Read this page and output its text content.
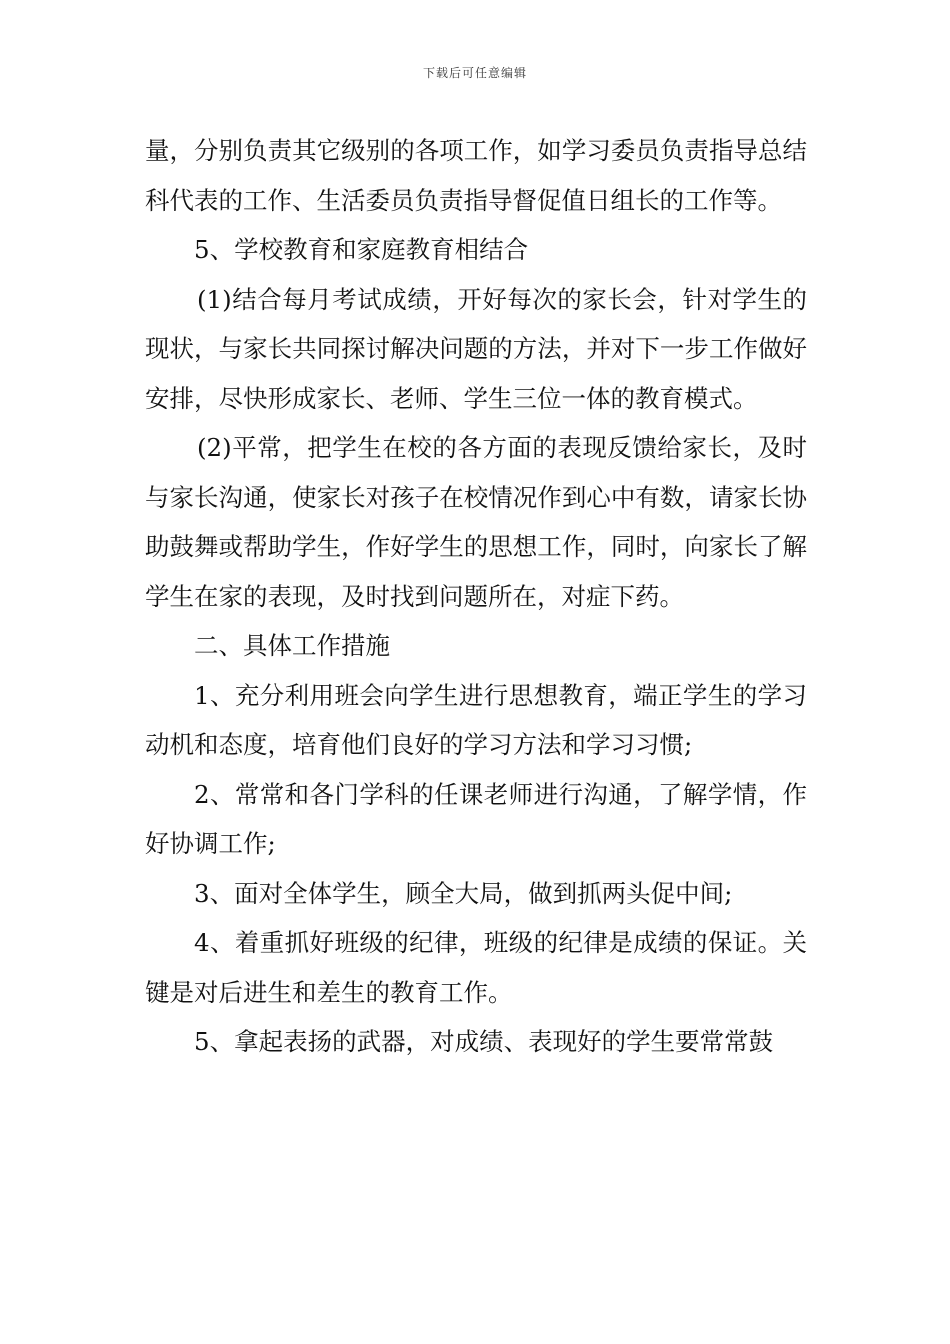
下载后可任意编辑

量，分别负责其它级别的各项工作，如学习委员负责指导总结科代表的工作、生活委员负责指导督促值日组长的工作等。

5、学校教育和家庭教育相结合

(1)结合每月考试成绩，开好每次的家长会，针对学生的现状，与家长共同探讨解决问题的方法，并对下一步工作做好安排，尽快形成家长、老师、学生三位一体的教育模式。

(2)平常，把学生在校的各方面的表现反馈给家长，及时与家长沟通，使家长对孩子在校情况作到心中有数，请家长协助鼓舞或帮助学生，作好学生的思想工作，同时，向家长了解学生在家的表现，及时找到问题所在，对症下药。

二、具体工作措施

1、充分利用班会向学生进行思想教育，端正学生的学习动机和态度，培育他们良好的学习方法和学习习惯;

2、常常和各门学科的任课老师进行沟通，了解学情，作好协调工作;

3、面对全体学生，顾全大局，做到抓两头促中间;

4、着重抓好班级的纪律，班级的纪律是成绩的保证。关键是对后进生和差生的教育工作。

5、拿起表扬的武器，对成绩、表现好的学生要常常鼓
